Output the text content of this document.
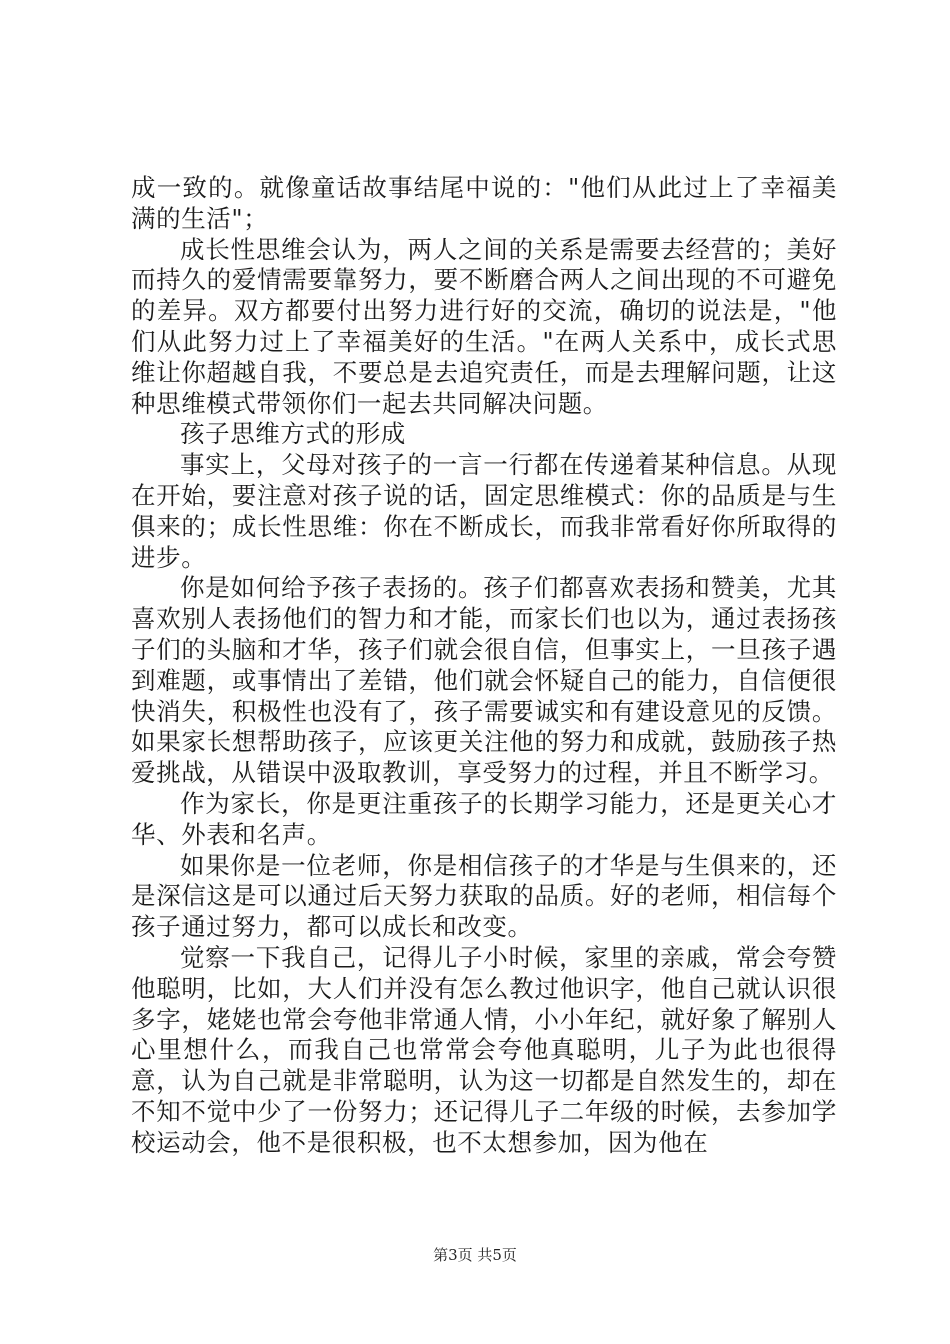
成一致的。就像童话故事结尾中说的："他们从此过上了幸福美满的生活"；

成长性思维会认为，两人之间的关系是需要去经营的；美好而持久的爱情需要靠努力，要不断磨合两人之间出现的不可避免的差异。双方都要付出努力进行好的交流，确切的说法是，"他们从此努力过上了幸福美好的生活。"在两人关系中，成长式思维让你超越自我，不要总是去追究责任，而是去理解问题，让这种思维模式带领你们一起去共同解决问题。

孩子思维方式的形成

事实上，父母对孩子的一言一行都在传递着某种信息。从现在开始，要注意对孩子说的话，固定思维模式：你的品质是与生俱来的；成长性思维：你在不断成长，而我非常看好你所取得的进步。

你是如何给予孩子表扬的。孩子们都喜欢表扬和赞美，尤其喜欢别人表扬他们的智力和才能，而家长们也以为，通过表扬孩子们的头脑和才华，孩子们就会很自信，但事实上，一旦孩子遇到难题，或事情出了差错，他们就会怀疑自己的能力，自信便很快消失，积极性也没有了，孩子需要诚实和有建设意见的反馈。如果家长想帮助孩子，应该更关注他的努力和成就，鼓励孩子热爱挑战，从错误中汲取教训，享受努力的过程，并且不断学习。

作为家长，你是更注重孩子的长期学习能力，还是更关心才华、外表和名声。

如果你是一位老师，你是相信孩子的才华是与生俱来的，还是深信这是可以通过后天努力获取的品质。好的老师，相信每个孩子通过努力，都可以成长和改变。

觉察一下我自己，记得儿子小时候，家里的亲戚，常会夸赞他聪明，比如，大人们并没有怎么教过他识字，他自己就认识很多字，姥姥也常会夸他非常通人情，小小年纪，就好象了解别人心里想什么，而我自己也常常会夸他真聪明，儿子为此也很得意，认为自己就是非常聪明，认为这一切都是自然发生的，却在不知不觉中少了一份努力；还记得儿子二年级的时候，去参加学校运动会，他不是很积极，也不太想参加，因为他在

第3页 共5页
